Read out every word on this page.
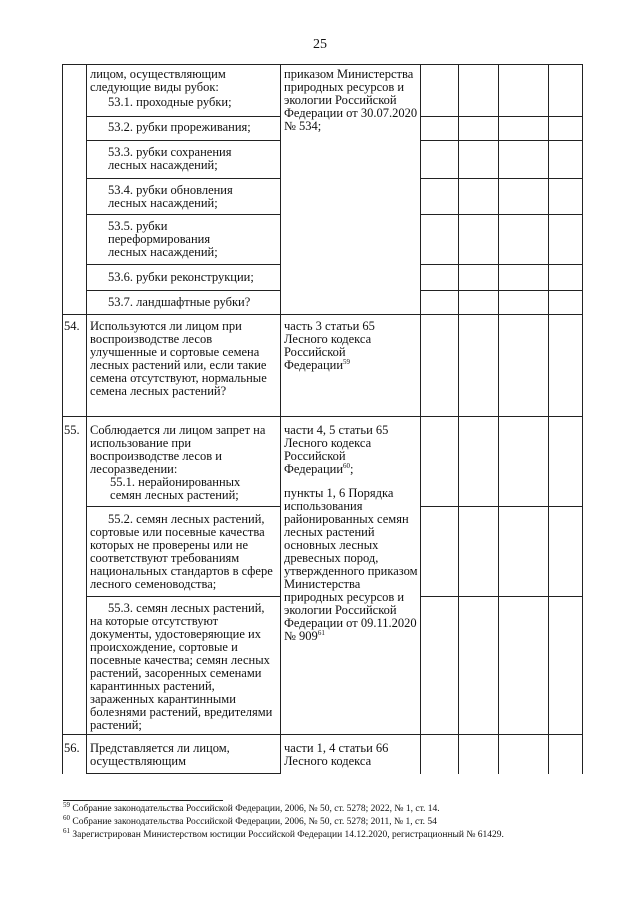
25
лицом, осуществляющим следующие виды рубок:
53.1. проходные рубки;
53.2. рубки прореживания;
53.3. рубки сохранения лесных насаждений;
53.4. рубки обновления лесных насаждений;
53.5. рубки переформирования лесных насаждений;
53.6. рубки реконструкции;
53.7. ландшафтные рубки?
приказом Министерства природных ресурсов и экологии Российской Федерации от 30.07.2020 № 534;
54. Используются ли лицом при воспроизводстве лесов улучшенные и сортовые семена лесных растений или, если такие семена отсутствуют, нормальные семена лесных растений?
часть 3 статьи 65 Лесного кодекса Российской Федерации$^{59}$
55. Соблюдается ли лицом запрет на использование при воспроизводстве лесов и лесоразведении:
55.1. нерайонированных семян лесных растений;
55.2. семян лесных растений, сортовые или посевные качества которых не проверены или не соответствуют требованиям национальных стандартов в сфере лесного семеноводства;
55.3. семян лесных растений, на которые отсутствуют документы, удостоверяющие их происхождение, сортовые и посевные качества; семян лесных растений, засоренных семенами карантинных растений, зараженных карантинными болезнями растений, вредителями растений;
части 4, 5 статьи 65 Лесного кодекса Российской Федерации$^{60}$;
пункты 1, 6 Порядка использования районированных семян лесных растений основных лесных древесных пород, утвержденного приказом Министерства природных ресурсов и экологии Российской Федерации от 09.11.2020 № $909^{61}$
56. Представляется ли лицом, осуществляющим
части 1, 4 статьи 66 Лесного кодекса
$^{59}$ Собрание законодательства Российской Федерации, 2006, № 50, ст. 5278; 2022, № 1, ст. 14.
$^{60}$ Собрание законодательства Российской Федерации, 2006, № 50, ст. 5278; 2011, № 1, ст. 54
$^{61}$ Зарегистрирован Министерством юстиции Российской Федерации 14.12.2020, регистрационный № 61429.
